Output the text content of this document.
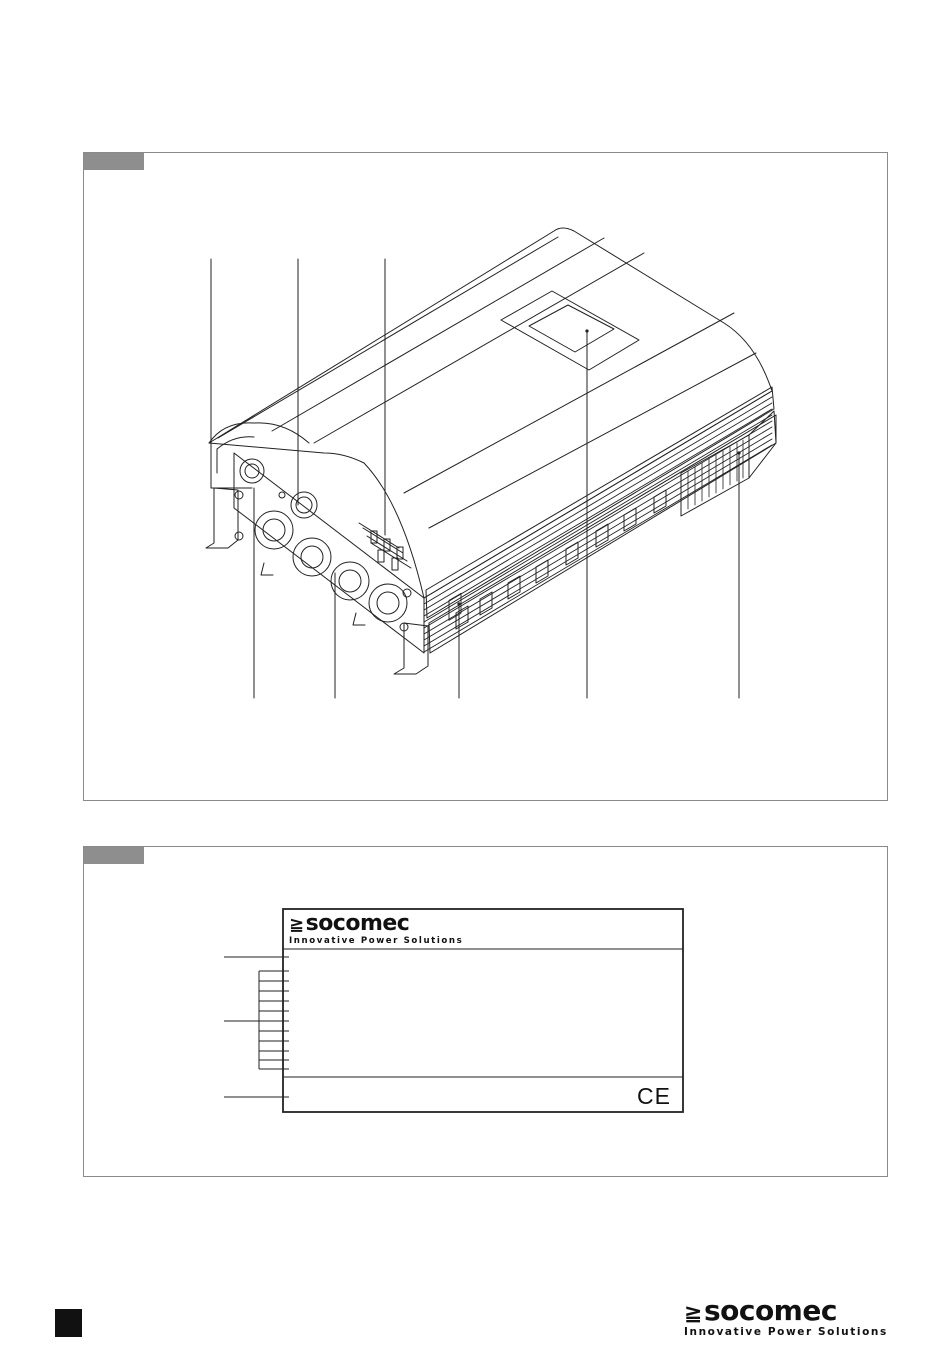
≧socomec
Innovative Power Solutions
CE
≧socomec
Innovative Power Solutions
